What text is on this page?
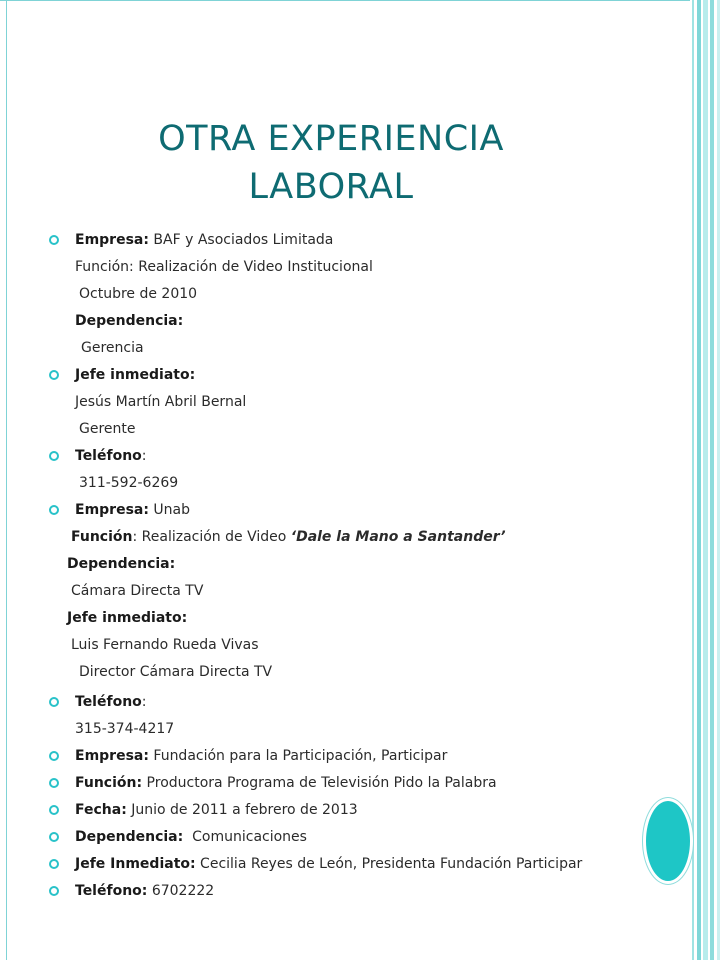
OTRA EXPERIENCIA
LABORAL
Empresa: BAF y Asociados Limitada
Función: Realización de Video Institucional
Octubre de 2010
Dependencia:
Gerencia
Jefe inmediato:
Jesús Martín Abril Bernal
Gerente
Teléfono:
311-592-6269
Empresa: Unab
Función: Realización de Video ‘Dale la Mano a Santander’
Dependencia:
Cámara Directa TV
Jefe inmediato:
Luis Fernando Rueda Vivas
Director Cámara Directa TV
Teléfono:
315-374-4217
Empresa: Fundación para la Participación, Participar
Función: Productora Programa de Televisión Pido la Palabra
Fecha: Junio de 2011 a febrero de 2013
Dependencia:  Comunicaciones
Jefe Inmediato: Cecilia Reyes de León, Presidenta Fundación Participar
Teléfono: 6702222
